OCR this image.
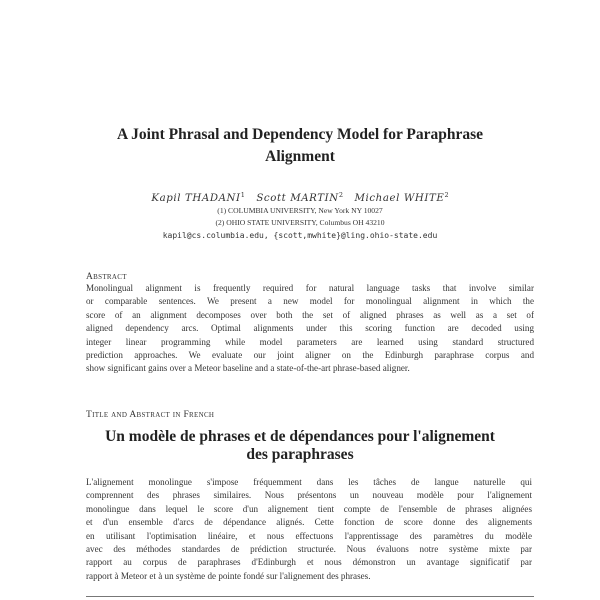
A Joint Phrasal and Dependency Model for Paraphrase
Alignment
Kapil THADANI$^1$ Scott MARTIN$^2$ Michael WHITE$^2$
(1) COLUMBIA UNIVERSITY, New York NY 10027
(2) OHIO STATE UNIVERSITY, Columbus OH 43210
kapil@cs.columbia.edu, {scott,mwhite}@ling.ohio-state.edu
Abstract
Monolingual alignment is frequently required for natural language tasks that involve similar
or comparable sentences. We present a new model for monolingual alignment in which the
score of an alignment decomposes over both the set of aligned phrases as well as a set of
aligned dependency arcs. Optimal alignments under this scoring function are decoded using
integer linear programming while model parameters are learned using standard structured
prediction approaches. We evaluate our joint aligner on the Edinburgh paraphrase corpus and
show significant gains over a Meteor baseline and a state-of-the-art phrase-based aligner.
Title and Abstract in French
Un modèle de phrases et de dépendances pour l'alignement
des paraphrases
L'alignement monolingue s'impose fréquemment dans les tâches de langue naturelle qui
comprennent des phrases similaires. Nous présentons un nouveau modèle pour l'alignement
monolingue dans lequel le score d'un alignement tient compte de l'ensemble de phrases alignées
et d'un ensemble d'arcs de dépendance alignés. Cette fonction de score donne des alignements
en utilisant l'optimisation linéaire, et nous effectuons l'apprentissage des paramètres du modèle
avec des méthodes standardes de prédiction structurée. Nous évaluons notre système mixte par
rapport au corpus de paraphrases d'Edinburgh et nous démonstron un avantage significatif par
rapport à Meteor et à un système de pointe fondé sur l'alignement des phrases.
